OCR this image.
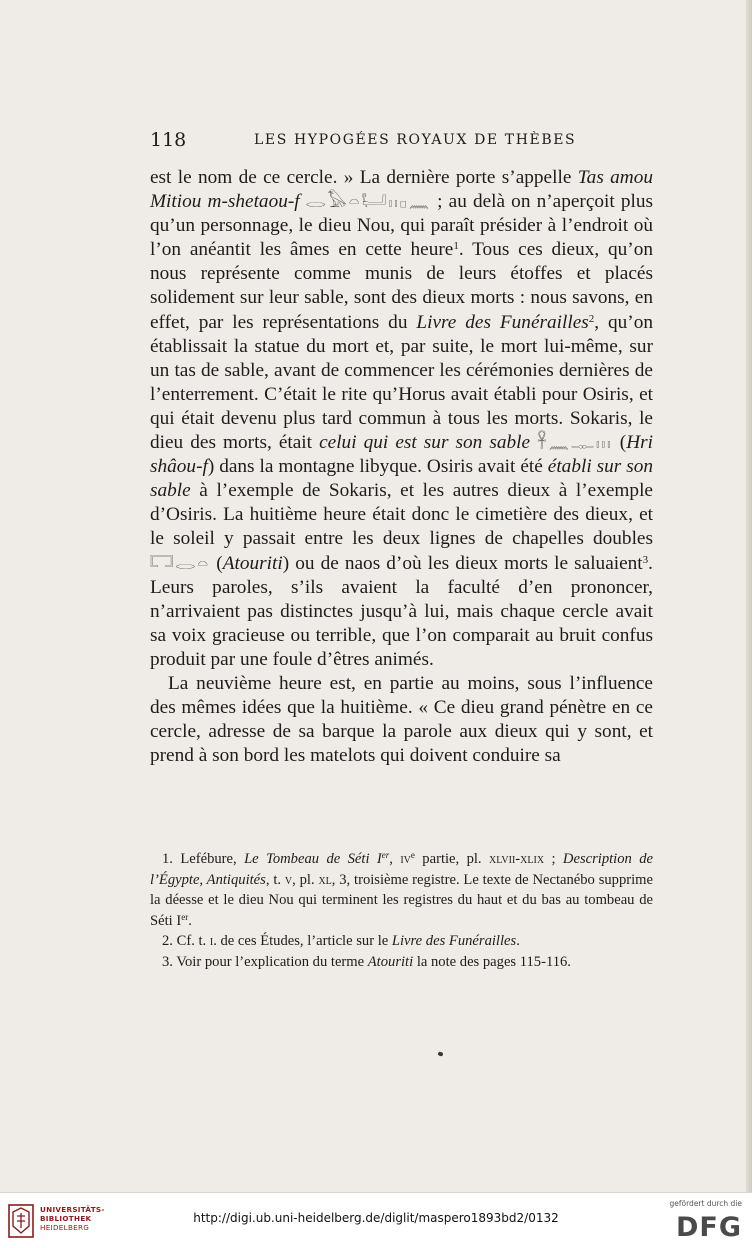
118	LES HYPOGÉES ROYAUX DE THÈBES

est le nom de ce cercle. » La dernière porte s’appelle Tas amou Mitiou m-shetaou-f 𓂋𓅃𓏏𓂡𓏤𓏤𓊪𓈖 ; au delà on n’aperçoit plus qu’un personnage, le dieu Nou, qui paraît présider à l’endroit où l’on anéantit les âmes en cette heure$^1$. Tous ces dieux, qu’on nous représente comme munis de leurs étoffes et placés solidement sur leur sable, sont des dieux morts : nous savons, en effet, par les représentations du Livre des Funérailles$^2$, qu’on établissait la statue du mort et, par suite, le mort lui-même, sur un tas de sable, avant de commencer les cérémonies dernières de l’enterrement. C’était le rite qu’Horus avait établi pour Osiris, et qui était devenu plus tard commun à tous les morts. Sokaris, le dieu des morts, était celui qui est sur son sable 𓋹𓈖𓊃𓏥 (Hri shâou-f) dans la montagne libyque. Osiris avait été établi sur son sable à l’exemple de Sokaris, et les autres dieux à l’exemple d’Osiris. La huitième heure était donc le cimetière des dieux, et le soleil y passait entre les deux lignes de chapelles doubles 𓉐𓂋𓏏 (Atouriti) ou de naos d’où les dieux morts le saluaient$^3$. Leurs paroles, s’ils avaient la faculté d’en prononcer, n’arrivaient pas distinctes jusqu’à lui, mais chaque cercle avait sa voix gracieuse ou terrible, que l’on comparait au bruit confus produit par une foule d’êtres animés.

La neuvième heure est, en partie au moins, sous l’influence des mêmes idées que la huitième. « Ce dieu grand pénètre en ce cercle, adresse de sa barque la parole aux dieux qui y sont, et prend à son bord les matelots qui doivent conduire sa

1. Lefébure, Le Tombeau de Séti Ier, $iv^e$ partie, pl. xlvii-xlix ; Description de l’Égypte, Antiquités, t. v, pl. xl, 3, troisième registre. Le texte de Nectanébo supprime la déesse et le dieu Nou qui terminent les registres du haut et du bas au tombeau de Séti Ier.

2. Cf. t. i. de ces Études, l’article sur le Livre des Funérailles.

3. Voir pour l’explication du terme Atouriti la note des pages 115-116.

UNIVERSITÄTS-
BIBLIOTHEK
HEIDELBERG
http://digi.ub.uni-heidelberg.de/diglit/maspero1893bd2/0132
gefördert durch die
DFG
